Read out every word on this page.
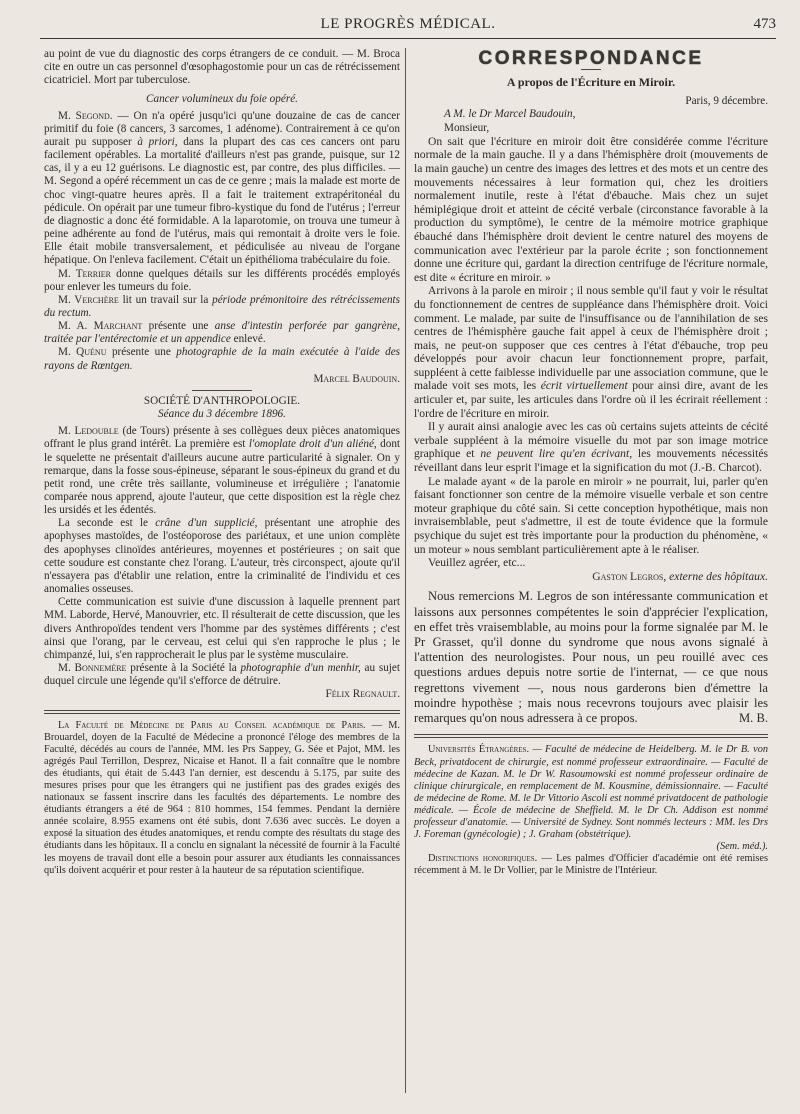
LE PROGRÈS MÉDICAL.	473

au point de vue du diagnostic des corps étrangers de ce conduit. — M. Broca cite en outre un cas personnel d'œsophagostomie pour un cas de rétrécissement cicatriciel. Mort par tuberculose.

Cancer volumineux du foie opéré.

M. Segond. — On n'a opéré jusqu'ici qu'une douzaine de cas de cancer primitif du foie (8 cancers, 3 sarcomes, 1 adénome). Contrairement à ce qu'on aurait pu supposer à priori, dans la plupart des cas ces cancers ont paru facilement opérables. La mortalité d'ailleurs n'est pas grande, puisque, sur 12 cas, il y a eu 12 guérisons. Le diagnostic est, par contre, des plus difficiles. — M. Segond a opéré récemment un cas de ce genre ; mais la malade est morte de choc vingt-quatre heures après. Il a fait le traitement extrapéritonéal du pédicule. On opérait par une tumeur fibro-kystique du fond de l'utérus ; l'erreur de diagnostic a donc été formidable. A la laparotomie, on trouva une tumeur à peine adhérente au fond de l'utérus, mais qui remontait à droite vers le foie. Elle était mobile transversalement, et pédiculisée au niveau de l'organe hépatique. On l'enleva facilement. C'était un épithélioma trabéculaire du foie.

M. Terrier donne quelques détails sur les différents procédés employés pour enlever les tumeurs du foie.

M. Verchère lit un travail sur la période prémonitoire des rétrécissements du rectum.

M. A. Marchant présente une anse d'intestin perforée par gangrène, traitée par l'entérectomie et un appendice enlevé.

M. Quénu présente une photographie de la main exécutée à l'aide des rayons de Rœntgen.

Marcel Baudouin.

SOCIÉTÉ D'ANTHROPOLOGIE.

Séance du 3 décembre 1896.

M. Ledouble (de Tours) présente à ses collègues deux pièces anatomiques offrant le plus grand intérêt. La première est l'omoplate droit d'un aliéné, dont le squelette ne présentait d'ailleurs aucune autre particularité à signaler. On y remarque, dans la fosse sous-épineuse, séparant le sous-épineux du grand et du petit rond, une crête très saillante, volumineuse et irrégulière ; l'anatomie comparée nous apprend, ajoute l'auteur, que cette disposition est la règle chez les ursidés et les édentés.

La seconde est le crâne d'un supplicié, présentant une atrophie des apophyses mastoïdes, de l'ostéoporose des pariétaux, et une union complète des apophyses clinoïdes antérieures, moyennes et postérieures ; on sait que cette soudure est constante chez l'orang. L'auteur, très circonspect, ajoute qu'il n'essayera pas d'établir une relation, entre la criminalité de l'individu et ces anomalies osseuses.

Cette communication est suivie d'une discussion à laquelle prennent part MM. Laborde, Hervé, Manouvrier, etc. Il résulterait de cette discussion, que les divers Anthropoïdes tendent vers l'homme par des systèmes différents ; c'est ainsi que l'orang, par le cerveau, est celui qui s'en rapproche le plus ; le chimpanzé, lui, s'en rapprocherait le plus par le système musculaire.

M. Bonnemère présente à la Société la photographie d'un menhir, au sujet duquel circule une légende qu'il s'efforce de détruire.

Félix Regnault.

La Faculté de Médecine de Paris au Conseil académique de Paris. — M. Brouardel, doyen de la Faculté de Médecine a prononcé l'éloge des membres de la Faculté, décédés au cours de l'année, MM. les Prs Sappey, G. Sée et Pajot, MM. les agrégés Paul Terrillon, Desprez, Nicaise et Hanot. Il a fait connaître que le nombre des étudiants, qui était de 5.443 l'an dernier, est descendu à 5.175, par suite des mesures prises pour que les étrangers qui ne justifient pas des grades exigés des nationaux se fassent inscrire dans les facultés des départements. Le nombre des étudiants étrangers a été de 964 : 810 hommes, 154 femmes. Pendant la dernière année scolaire, 8.955 examens ont été subis, dont 7.636 avec succès. Le doyen a exposé la situation des études anatomiques, et rendu compte des résultats du stage des étudiants dans les hôpitaux. Il a conclu en signalant la nécessité de fournir à la Faculté les moyens de travail dont elle a besoin pour assurer aux étudiants les connaissances qu'ils doivent acquérir et pour rester à la hauteur de sa réputation scientifique.

CORRESPONDANCE

A propos de l'Écriture en Miroir.

Paris, 9 décembre.

A M. le Dr Marcel Baudouin,

Monsieur,

On sait que l'écriture en miroir doit être considérée comme l'écriture normale de la main gauche. Il y a dans l'hémisphère droit (mouvements de la main gauche) un centre des images des lettres et des mots et un centre des mouvements nécessaires à leur formation qui, chez les droitiers normalement inutile, reste à l'état d'ébauche. Mais chez un sujet hémiplégique droit et atteint de cécité verbale (circonstance favorable à la production du symptôme), le centre de la mémoire motrice graphique ébauché dans l'hémisphère droit devient le centre naturel des moyens de communication avec l'extérieur par la parole écrite ; son fonctionnement donne une écriture qui, gardant la direction centrifuge de l'écriture normale, est dite « écriture en miroir. »

Arrivons à la parole en miroir ; il nous semble qu'il faut y voir le résultat du fonctionnement de centres de suppléance dans l'hémisphère droit. Voici comment. Le malade, par suite de l'insuffisance ou de l'annihilation de ses centres de l'hémisphère gauche fait appel à ceux de l'hémisphère droit ; mais, ne peut-on supposer que ces centres à l'état d'ébauche, trop peu développés pour avoir chacun leur fonctionnement propre, parfait, suppléent à cette faiblesse individuelle par une association commune, que le malade voit ses mots, les écrit virtuellement pour ainsi dire, avant de les articuler et, par suite, les articules dans l'ordre où il les écrirait réellement : l'ordre de l'écriture en miroir.

Il y aurait ainsi analogie avec les cas où certains sujets atteints de cécité verbale suppléent à la mémoire visuelle du mot par son image motrice graphique et ne peuvent lire qu'en écrivant, les mouvements nécessités réveillant dans leur esprit l'image et la signification du mot (J.-B. Charcot).

Le malade ayant « de la parole en miroir » ne pourrait, lui, parler qu'en faisant fonctionner son centre de la mémoire visuelle verbale et son centre moteur graphique du côté sain. Si cette conception hypothétique, mais non invraisemblable, peut s'admettre, il est de toute évidence que la formule psychique du sujet est très importante pour la production du phénomène, « un moteur » nous semblant particulièrement apte à le réaliser.

Veuillez agréer, etc...

Gaston Legros, externe des hôpitaux.

Nous remercions M. Legros de son intéressante communication et laissons aux personnes compétentes le soin d'apprécier l'explication, en effet très vraisemblable, au moins pour la forme signalée par M. le Pr Grasset, qu'il donne du syndrome que nous avons signalé à l'attention des neurologistes. Pour nous, un peu rouillé avec ces questions ardues depuis notre sortie de l'internat, — ce que nous regrettons vivement —, nous nous garderons bien d'émettre la moindre hypothèse ; mais nous recevrons toujours avec plaisir les remarques qu'on nous adressera à ce propos.	M. B.

Universités Étrangères. — Faculté de médecine de Heidelberg. M. le Dr B. von Beck, privatdocent de chirurgie, est nommé professeur extraordinaire. — Faculté de médecine de Kazan. M. le Dr W. Rasoumowski est nommé professeur ordinaire de clinique chirurgicale, en remplacement de M. Kousmine, démissionnaire. — Faculté de médecine de Rome. M. le Dr Vittorio Ascoli est nommé privatdocent de pathologie médicale. — École de médecine de Sheffield. M. le Dr Ch. Addison est nommé professeur d'anatomie. — Université de Sydney. Sont nommés lecteurs : MM. les Drs J. Foreman (gynécologie) ; J. Graham (obstétrique).

(Sem. méd.).

Distinctions honorifiques. — Les palmes d'Officier d'académie ont été remises récemment à M. le Dr Vollier, par le Ministre de l'Intérieur.
